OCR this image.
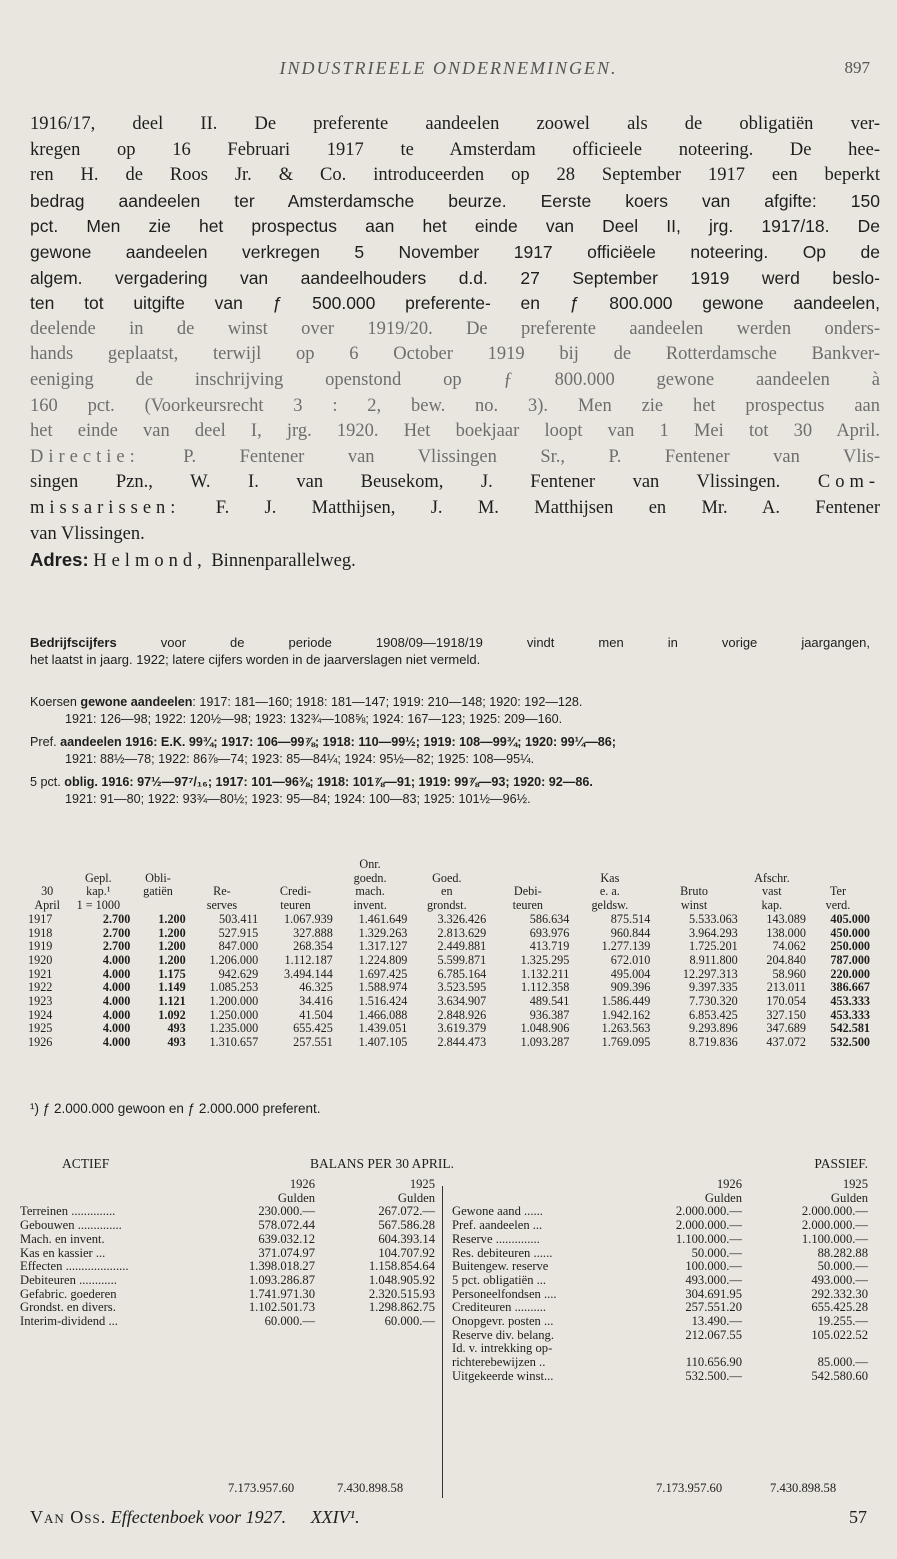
INDUSTRIEELE ONDERNEMINGEN.	897
1916/17, deel II. De preferente aandeelen zoowel als de obligatiën ver-
kregen op 16 Februari 1917 te Amsterdam officieele noteering. De hee-
ren H. de Roos Jr. & Co. introduceerden op 28 September 1917 een beperkt
bedrag aandeelen ter Amsterdamsche beurze. Eerste koers van afgifte: 150
pct. Men zie het prospectus aan het einde van Deel II, jrg. 1917/18. De
gewone aandeelen verkregen 5 November 1917 officiëele noteering. Op de
algem. vergadering van aandeelhouders d.d. 27 September 1919 werd beslo-
ten tot uitgifte van ƒ 500.000 preferente- en ƒ 800.000 gewone aandeelen,
deelende in de winst over 1919/20. De preferente aandeelen werden onders-
hands geplaatst, terwijl op 6 October 1919 bij de Rotterdamsche Bankver-
eeniging de inschrijving openstond op ƒ 800.000 gewone aandeelen à
160 pct. (Voorkeursrecht 3 : 2, bew. no. 3). Men zie het prospectus aan
het einde van deel I, jrg. 1920. Het boekjaar loopt van 1 Mei tot 30 April.
Directie: P. Fentener van Vlissingen Sr., P. Fentener van Vlis-
singen Pzn., W. I. van Beusekom, J. Fentener van Vlissingen. Com-
missarissen: F. J. Matthijsen, J. M. Matthijsen en Mr. A. Fentener
van Vlissingen.
Adres: Helmond, Binnenparallelweg.
Bedrijfscijfers voor de periode 1908/09—1918/19 vindt men in vorige jaargangen,
het laatst in jaarg. 1922; latere cijfers worden in de jaarverslagen niet vermeld.
Koersen gewone aandeelen: 1917: 181—160; 1918: 181—147; 1919: 210—148; 1920: 192—128.
1921: 126—98; 1922: 120½—98; 1923: 132¾—108⅝; 1924: 167—123; 1925: 209—160.
Pref. aandeelen 1916: E.K. 99¾; 1917: 106—99⅞; 1918: 110—99½; 1919: 108—99¾; 1920: 99¼—86;
1921: 88½—78; 1922: 86⅞—74; 1923: 85—84¼; 1924: 95½—82; 1925: 108—95¼.
5 pct. oblig. 1916: 97½—97⁷/₁₆; 1917: 101—96⅜; 1918: 101⅞—91; 1919: 99⅞—93; 1920: 92—86.
1921: 91—80; 1922: 93¾—80½; 1923: 95—84; 1924: 100—83; 1925: 101½—96½.
					Onr.						
	Gepl.	Obli-			goedn.	Goed.		Kas		Afschr.	
30	kap.¹	gatiën	Re-	Credi-	mach.	en	Debi-	e. a.	Bruto	vast	Ter
April	1 = 1000		serves	teuren	invent.	grondst.	teuren	geldsw.	winst	kap.	verd.
1917	2.700	1.200	503.411	1.067.939	1.461.649	3.326.426	586.634	875.514	5.533.063	143.089	405.000
1918	2.700	1.200	527.915	327.888	1.329.263	2.813.629	693.976	960.844	3.964.293	138.000	450.000
1919	2.700	1.200	847.000	268.354	1.317.127	2.449.881	413.719	1.277.139	1.725.201	74.062	250.000
1920	4.000	1.200	1.206.000	1.112.187	1.224.809	5.599.871	1.325.295	672.010	8.911.800	204.840	787.000
1921	4.000	1.175	942.629	3.494.144	1.697.425	6.785.164	1.132.211	495.004	12.297.313	58.960	220.000
1922	4.000	1.149	1.085.253	46.325	1.588.974	3.523.595	1.112.358	909.396	9.397.335	213.011	386.667
1923	4.000	1.121	1.200.000	34.416	1.516.424	3.634.907	489.541	1.586.449	7.730.320	170.054	453.333
1924	4.000	1.092	1.250.000	41.504	1.466.088	2.848.926	936.387	1.942.162	6.853.425	327.150	453.333
1925	4.000	493	1.235.000	655.425	1.439.051	3.619.379	1.048.906	1.263.563	9.293.896	347.689	542.581
1926	4.000	493	1.310.657	257.551	1.407.105	2.844.473	1.093.287	1.769.095	8.719.836	437.072	532.500
¹) ƒ 2.000.000 gewoon en ƒ 2.000.000 preferent.
ACTIEF	BALANS PER 30 APRIL.	PASSIEF.
	1926	1925
	Gulden	Gulden
Terreinen ..............	230.000.—	267.072.—
Gebouwen ..............	578.072.44	567.586.28
Mach. en invent.	639.032.12	604.393.14
Kas en kassier ...	371.074.97	104.707.92
Effecten ....................	1.398.018.27	1.158.854.64
Debiteuren ............	1.093.286.87	1.048.905.92
Gefabric. goederen	1.741.971.30	2.320.515.93
Grondst. en divers.	1.102.501.73	1.298.862.75
Interim-dividend ...	60.000.—	60.000.—
	1926	1925
	Gulden	Gulden
Gewone aand ......	2.000.000.—	2.000.000.—
Pref. aandeelen ...	2.000.000.—	2.000.000.—
Reserve ..............	1.100.000.—	1.100.000.—
Res. debiteuren ......	50.000.—	88.282.88
Buitengew. reserve	100.000.—	50.000.—
5 pct. obligatiën ...	493.000.—	493.000.—
Personeelfondsen ....	304.691.95	292.332.30
Crediteuren ..........	257.551.20	655.425.28
Onopgevr. posten ...	13.490.—	19.255.—
Reserve div. belang.	212.067.55	105.022.52
Id. v. intrekking op-		
richterebewijzen ..	110.656.90	85.000.—
Uitgekeerde winst...	532.500.—	542.580.60
7.173.957.60	7.430.898.58	7.173.957.60	7.430.898.58
Van Oss. Effectenboek voor 1927. XXIV¹.	57
